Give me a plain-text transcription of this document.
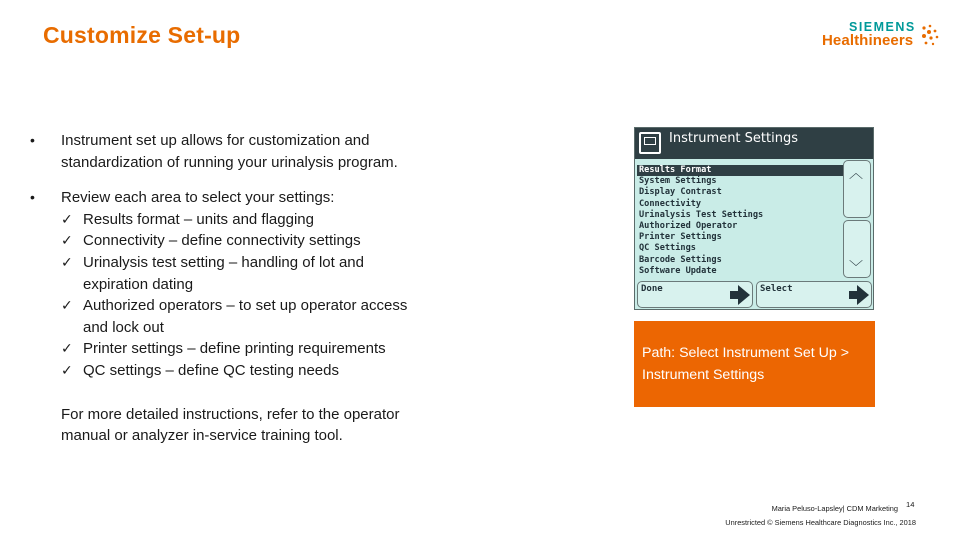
Customize Set-up	SIEMENS
Healthineers
• Instrument set up allows for customization and standardization of running your urinalysis program.
• Review each area to select your settings:
✓ Results format – units and flagging
✓ Connectivity – define connectivity settings
✓ Urinalysis test setting – handling of lot and expiration dating
✓ Authorized operators – to set up operator access and lock out
✓ Printer settings – define printing requirements
✓ QC settings – define QC testing needs
For more detailed instructions, refer to the operator manual or analyzer in-service training tool.
Instrument Settings
Results Format
System Settings
Display Contrast
Connectivity
Urinalysis Test Settings
Authorized Operator
Printer Settings
QC Settings
Barcode Settings
Software Update
︿
﹀
Done	Select
Path: Select Instrument Set Up > Instrument Settings
14
Maria Peluso-Lapsley| CDM Marketing
Unrestricted © Siemens Healthcare Diagnostics Inc., 2018
